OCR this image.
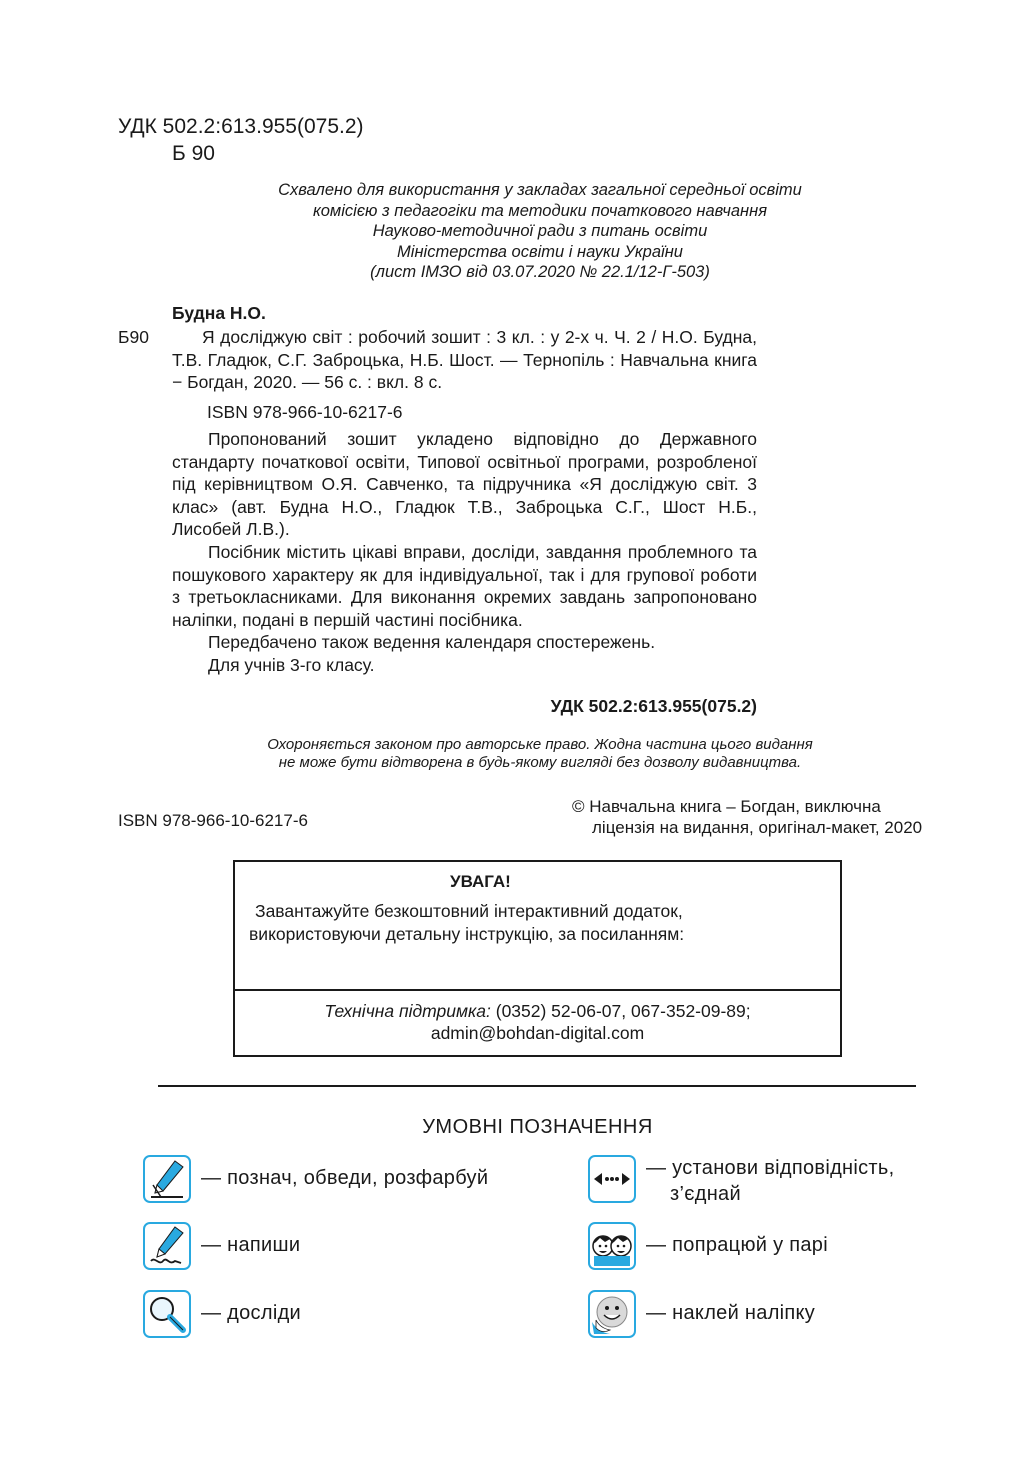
УДК 502.2:613.955(075.2)
Б 90
Схвалено для використання у закладах загальної середньої освіти
комісією з педагогіки та методики початкового навчання
Науково-методичної ради з питань освіти
Міністерства освіти і науки України
(лист ІМЗО від 03.07.2020 № 22.1/12-Г-503)
Будна Н.О.
Б90	Я досліджую світ : робочий зошит : 3 кл. : у 2-х ч. Ч. 2 / Н.О. Будна, Т.В. Гладюк, С.Г. Заброцька, Н.Б. Шост. — Тернопіль : Навчальна книга − Богдан, 2020. — 56 с. : вкл. 8 с.
ISBN 978-966-10-6217-6

Пропонований зошит укладено відповідно до Державного стандарту початкової освіти, Типової освітньої програми, розробленої під керівництвом О.Я. Савченко, та підручника «Я досліджую світ. 3 клас» (авт. Будна Н.О., Гладюк Т.В., Заброцька С.Г., Шост Н.Б., Лисобей Л.В.).

Посібник містить цікаві вправи, досліди, завдання проблемного та пошукового характеру як для індивідуальної, так і для групової роботи з третьокласниками. Для виконання окремих завдань запропоновано наліпки, подані в першій частині посібника.

Передбачено також ведення календаря спостережень.

Для учнів 3-го класу.

УДК 502.2:613.955(075.2)
Охороняється законом про авторське право. Жодна частина цього видання
не може бути відтворена в будь-якому вигляді без дозволу видавництва.
ISBN 978-966-10-6217-6
© Навчальна книга – Богдан, виключна
ліцензія на видання, оригінал-макет, 2020
УВАГА!
Завантажуйте безкоштовний інтерактивний додаток,
використовуючи детальну інструкцію, за посиланням:
Технічна підтримка: (0352) 52-06-07, 067-352-09-89;
admin@bohdan-digital.com
УМОВНІ ПОЗНАЧЕННЯ
— познач, обведи, розфарбуй
— напиши
— досліди
— установи відповідність,
з’єднай
— попрацюй у парі
— наклей наліпку
